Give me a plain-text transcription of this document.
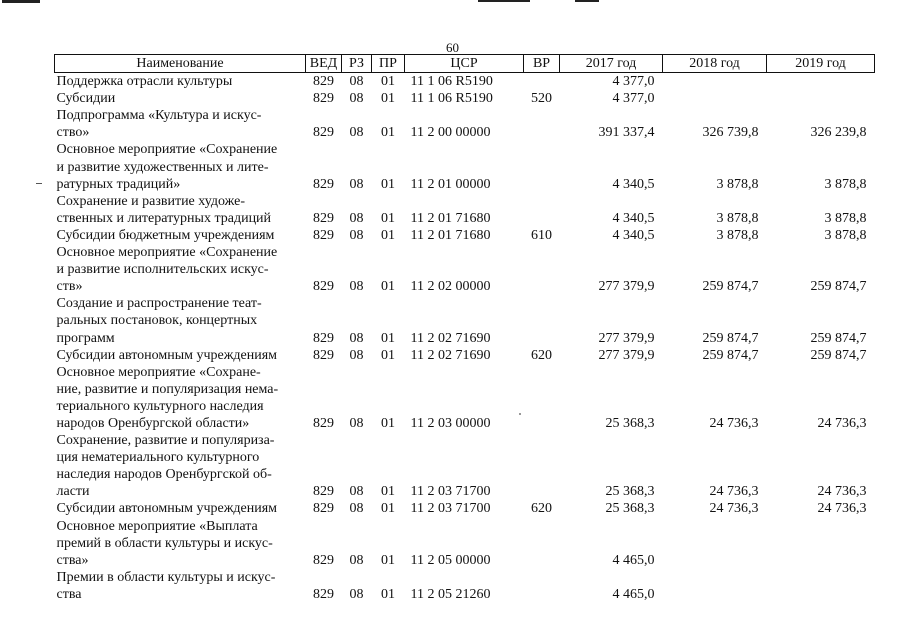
60
Наименование	ВЕД	РЗ	ПР	ЦСР	ВР	2017 год	2018 год	2019 год
Поддержка отрасли культуры	829	08	01	11 1 06 R5190		4 377,0		
Субсидии	829	08	01	11 1 06 R5190	520	4 377,0		
Подпрограмма «Культура и искус-
ство»	829	08	01	11 2 00 00000		391 337,4	326 739,8	326 239,8
Основное мероприятие «Сохранение
и развитие художественных и лите-
ратурных традиций»	829	08	01	11 2 01 00000		4 340,5	3 878,8	3 878,8
Сохранение и развитие художе-
ственных и литературных традиций	829	08	01	11 2 01 71680		4 340,5	3 878,8	3 878,8
Субсидии бюджетным учреждениям	829	08	01	11 2 01 71680	610	4 340,5	3 878,8	3 878,8
Основное мероприятие «Сохранение
и развитие исполнительских искус-
ств»	829	08	01	11 2 02 00000		277 379,9	259 874,7	259 874,7
Создание и распространение теат-
ральных постановок, концертных
программ	829	08	01	11 2 02 71690		277 379,9	259 874,7	259 874,7
Субсидии автономным учреждениям	829	08	01	11 2 02 71690	620	277 379,9	259 874,7	259 874,7
Основное мероприятие «Сохране-
ние, развитие и популяризация нема-
териального культурного наследия
народов Оренбургской области»	829	08	01	11 2 03 00000		25 368,3	24 736,3	24 736,3
Сохранение, развитие и популяриза-
ция нематериального культурного
наследия народов Оренбургской об-
ласти	829	08	01	11 2 03 71700		25 368,3	24 736,3	24 736,3
Субсидии автономным учреждениям	829	08	01	11 2 03 71700	620	25 368,3	24 736,3	24 736,3
Основное мероприятие «Выплата
премий в области культуры и искус-
ства»	829	08	01	11 2 05 00000		4 465,0		
Премии в области культуры и искус-
ства	829	08	01	11 2 05 21260		4 465,0		
